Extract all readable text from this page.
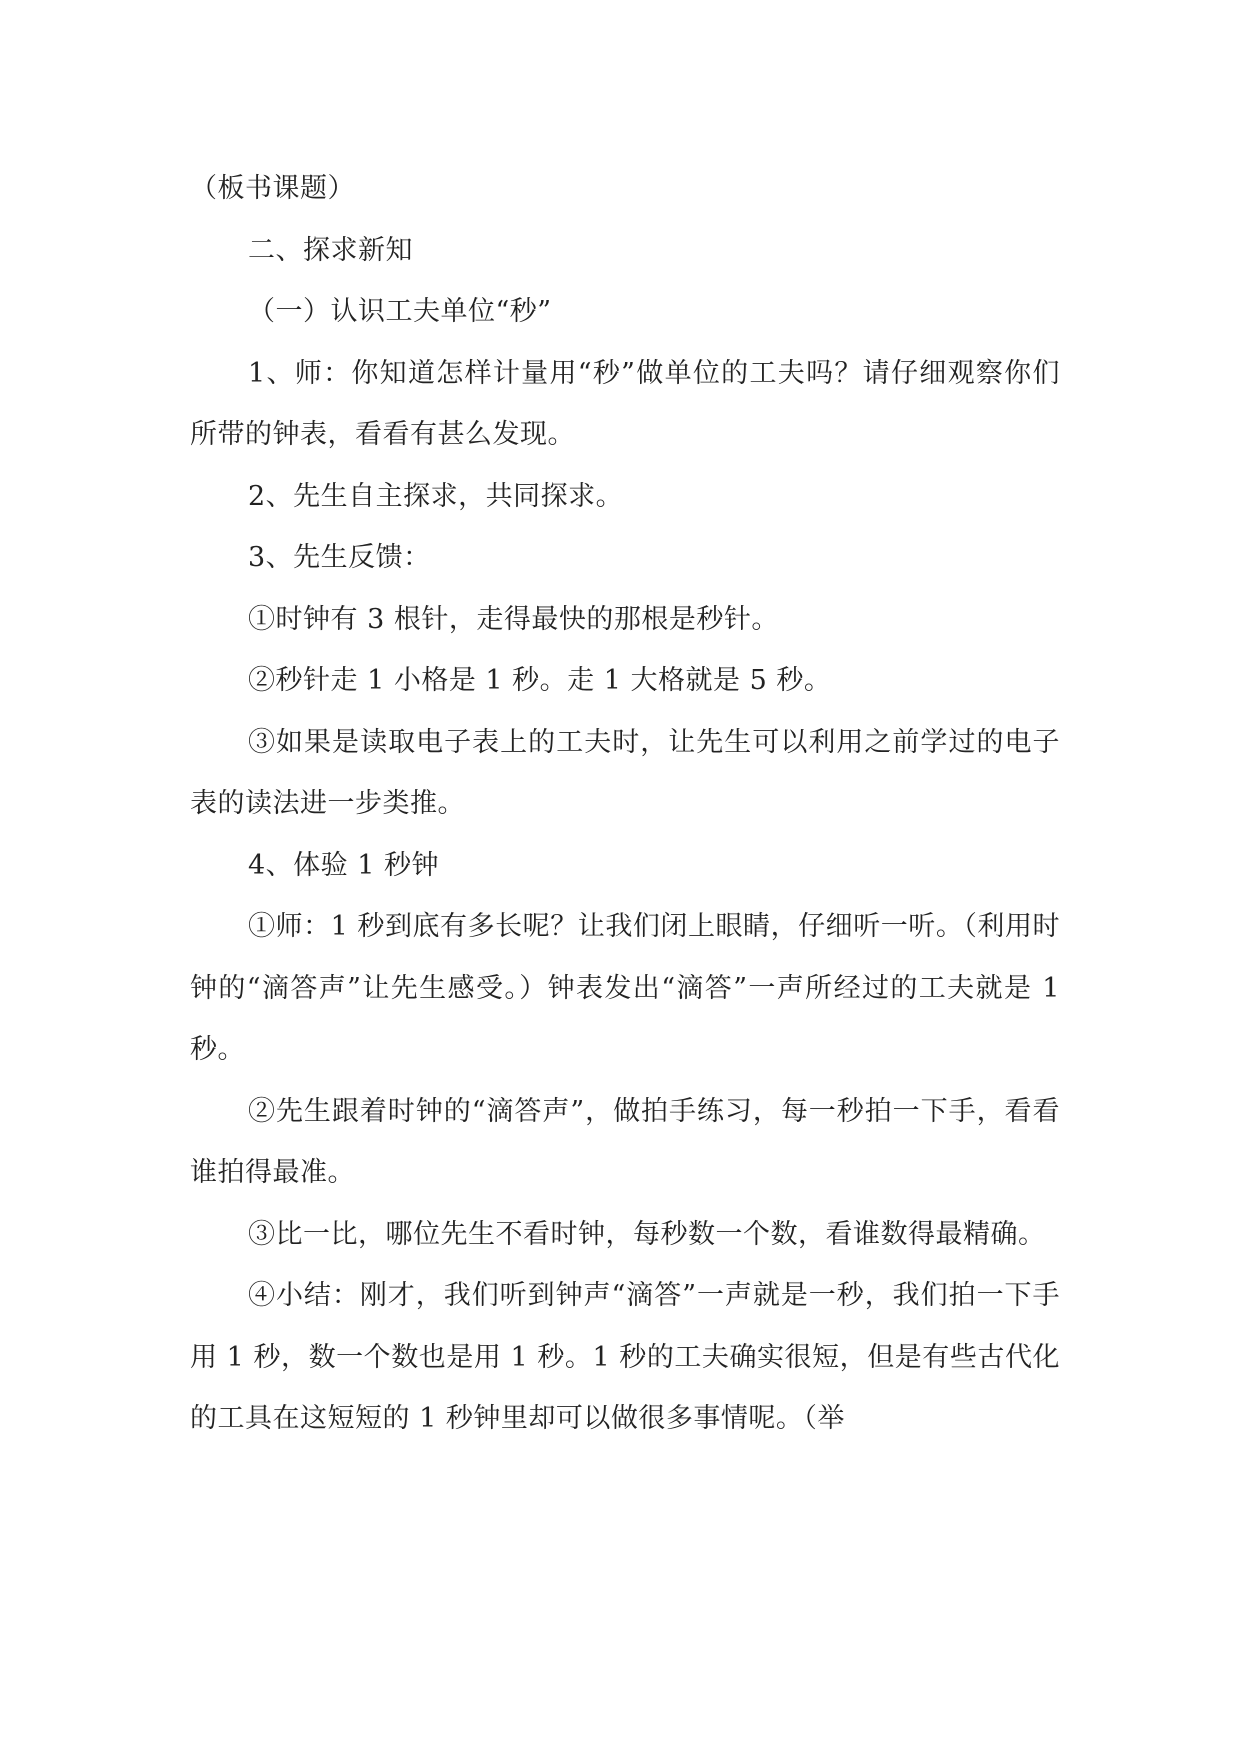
（板书课题）

二、探求新知

（一）认识工夫单位“秒”

1、师：你知道怎样计量用“秒”做单位的工夫吗？请仔细观察你们所带的钟表，看看有甚么发现。

2、先生自主探求，共同探求。

3、先生反馈：

①时钟有 3 根针，走得最快的那根是秒针。

②秒针走 1 小格是 1 秒。走 1 大格就是 5 秒。

③如果是读取电子表上的工夫时，让先生可以利用之前学过的电子表的读法进一步类推。

4、体验 1 秒钟

①师：1 秒到底有多长呢？让我们闭上眼睛，仔细听一听。（利用时钟的“滴答声”让先生感受。）钟表发出“滴答”一声所经过的工夫就是 1 秒。

②先生跟着时钟的“滴答声”，做拍手练习，每一秒拍一下手，看看谁拍得最准。

③比一比，哪位先生不看时钟，每秒数一个数，看谁数得最精确。

④小结：刚才，我们听到钟声“滴答”一声就是一秒，我们拍一下手用 1 秒，数一个数也是用 1 秒。1 秒的工夫确实很短，但是有些古代化的工具在这短短的 1 秒钟里却可以做很多事情呢。（举
